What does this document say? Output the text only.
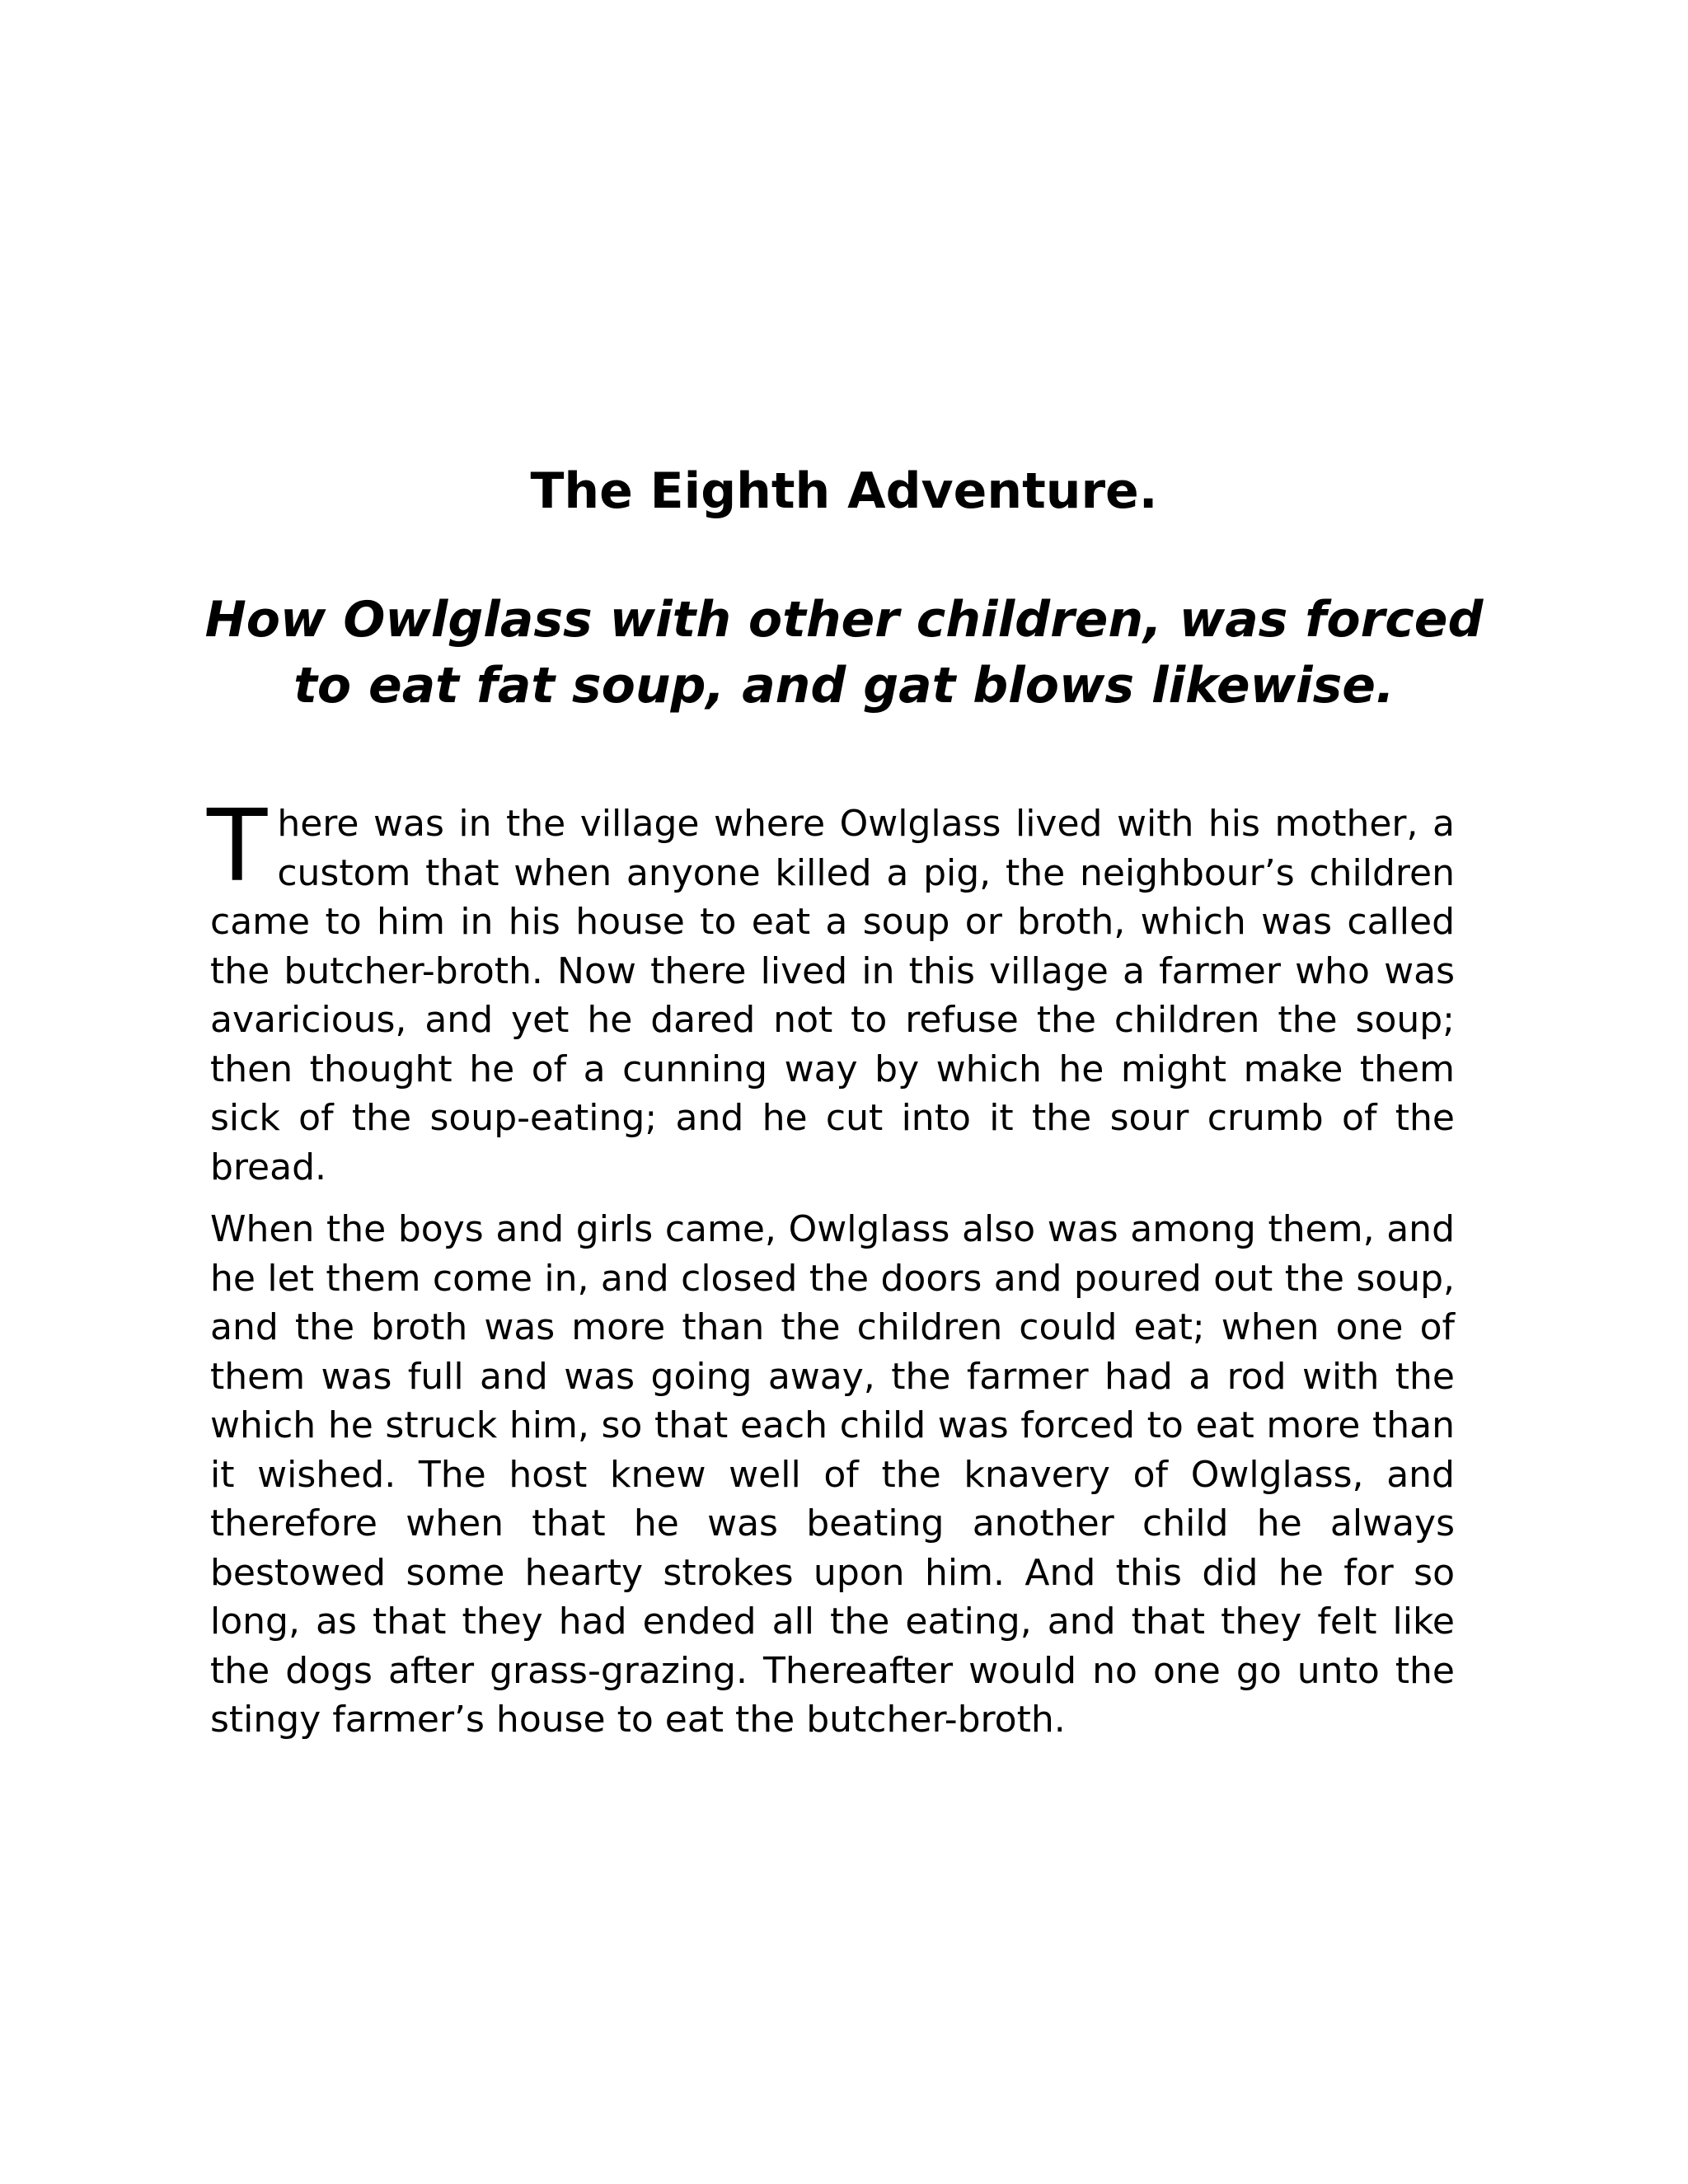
The Eighth Adventure.
How Owlglass with other children, was forced to eat fat soup, and gat blows likewise.

There was in the village where Owlglass lived with his mother, a custom that when anyone killed a pig, the neighbour’s children came to him in his house to eat a soup or broth, which was called the butcher-broth. Now there lived in this village a farmer who was avaricious, and yet he dared not to refuse the children the soup; then thought he of a cunning way by which he might make them sick of the soup-eating; and he cut into it the sour crumb of the bread.

When the boys and girls came, Owlglass also was among them, and he let them come in, and closed the doors and poured out the soup, and the broth was more than the children could eat; when one of them was full and was going away, the farmer had a rod with the which he struck him, so that each child was forced to eat more than it wished. The host knew well of the knavery of Owlglass, and therefore when that he was beating another child he always bestowed some hearty strokes upon him. And this did he for so long, as that they had ended all the eating, and that they felt like the dogs after grass-grazing. Thereafter would no one go unto the stingy farmer’s house to eat the butcher-broth.
